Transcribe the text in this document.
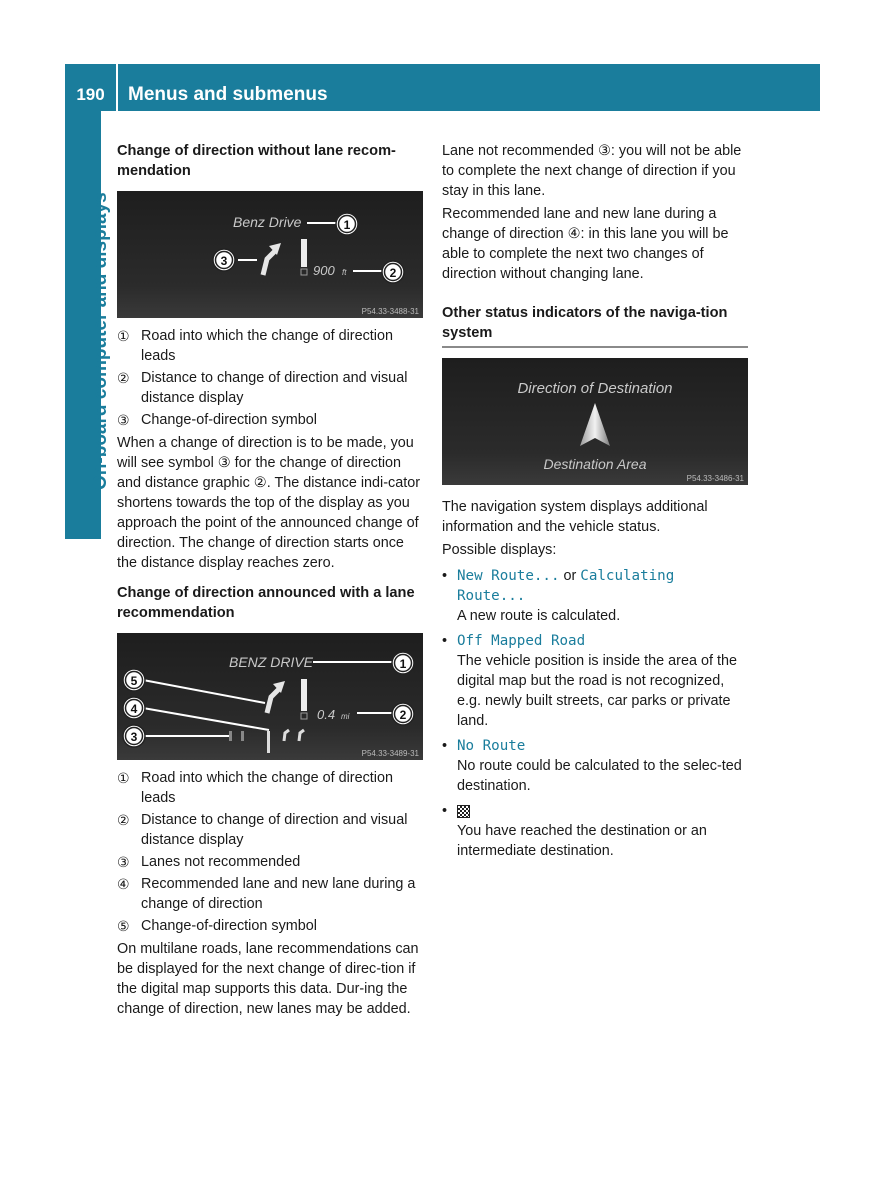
190	Menus and submenus
On-board computer and displays
Change of direction without lane recom-mendation
Benz Drive	1
3
900 ft	2
P54.33-3488-31
① Road into which the change of direction leads
② Distance to change of direction and visual distance display
③ Change-of-direction symbol

When a change of direction is to be made, you will see symbol ③ for the change of direction and distance graphic ②. The distance indi-cator shortens towards the top of the display as you approach the point of the announced change of direction. The change of direction starts once the distance display reaches zero.

Change of direction announced with a lane recommendation
BENZ DRIVE	1
0.4 mi	2
5
4
3
P54.33-3489-31
① Road into which the change of direction leads
② Distance to change of direction and visual distance display
③ Lanes not recommended
④ Recommended lane and new lane during a change of direction
⑤ Change-of-direction symbol

On multilane roads, lane recommendations can be displayed for the next change of direc-tion if the digital map supports this data. Dur-ing the change of direction, new lanes may be added.

Lane not recommended ③: you will not be able to complete the next change of direction if you stay in this lane.

Recommended lane and new lane during a change of direction ④: in this lane you will be able to complete the next two changes of direction without changing lane.

Other status indicators of the naviga-tion system
Direction of Destination
Destination Area
P54.33-3486-31

The navigation system displays additional information and the vehicle status.

Possible displays:

• New Route... or Calculating Route...
A new route is calculated.
• Off Mapped Road
The vehicle position is inside the area of the digital map but the road is not recognized, e.g. newly built streets, car parks or private land.
• No Route
No route could be calculated to the selec-ted destination.
•
You have reached the destination or an intermediate destination.
